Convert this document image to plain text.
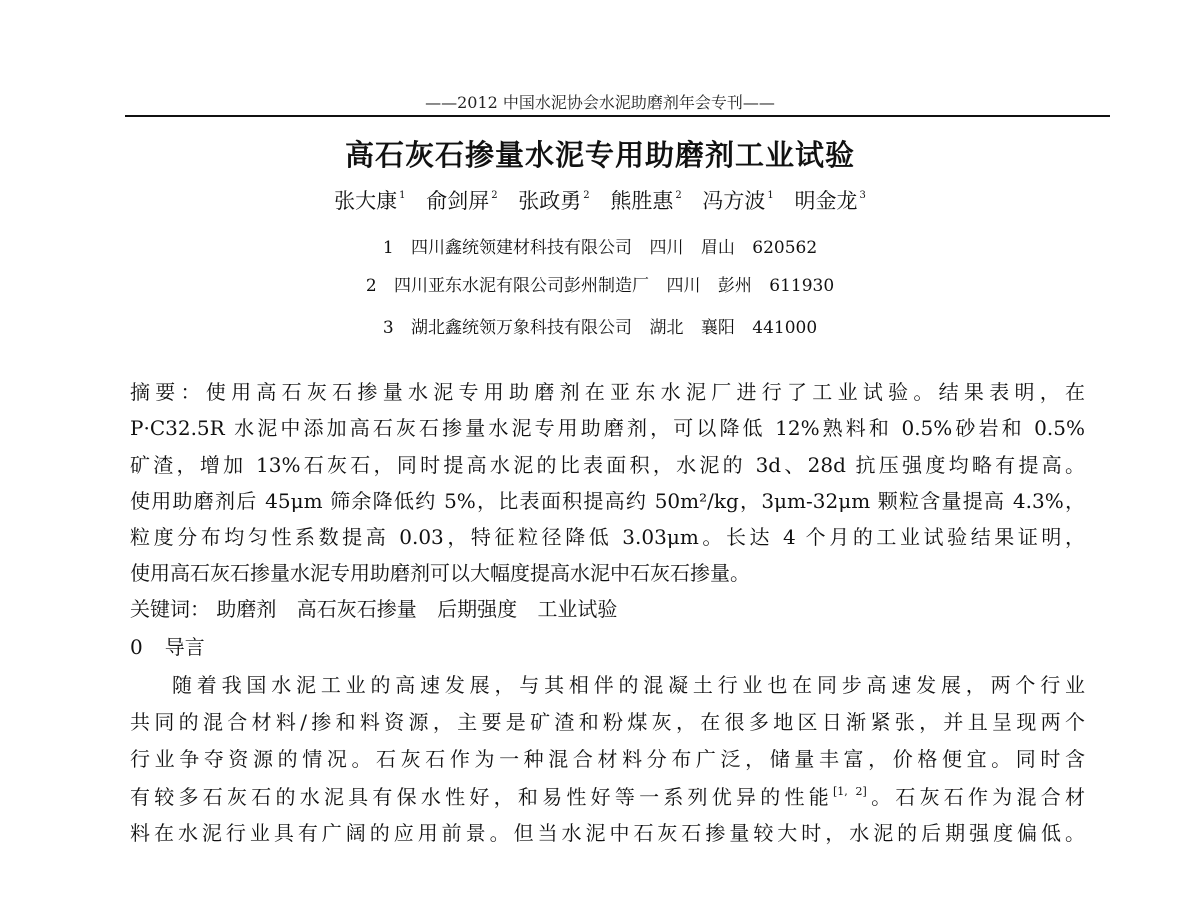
——2012 中国水泥协会水泥助磨剂年会专刊——
高石灰石掺量水泥专用助磨剂工业试验
张大康 $^1$ 俞剑屏 $^2$ 张政勇 $^2$ 熊胜惠 $^2$ 冯方波 $^1$ 明金龙 $^3$
1 四川鑫统领建材科技有限公司 四川 眉山 620562
2 四川亚东水泥有限公司彭州制造厂 四川 彭州 611930
3 湖北鑫统领万象科技有限公司 湖北 襄阳 441000
摘要：使用高石灰石掺量水泥专用助磨剂在亚东水泥厂进行了工业试验。结果表明，在
P·C32.5R 水泥中添加高石灰石掺量水泥专用助磨剂，可以降低 12%熟料和 0.5%砂岩和 0.5%
矿渣，增加 13%石灰石，同时提高水泥的比表面积，水泥的 3d、28d 抗压强度均略有提高。
使用助磨剂后 45μm 筛余降低约 5%，比表面积提高约 50m²/kg，3μm-32μm 颗粒含量提高 4.3%，
粒度分布均匀性系数提高 0.03，特征粒径降低 3.03μm。长达 4 个月的工业试验结果证明，
使用高石灰石掺量水泥专用助磨剂可以大幅度提高水泥中石灰石掺量。
关键词： 助磨剂 高石灰石掺量 后期强度 工业试验
0 导言
随着我国水泥工业的高速发展，与其相伴的混凝土行业也在同步高速发展，两个行业
共同的混合材料/掺和料资源，主要是矿渣和粉煤灰，在很多地区日渐紧张，并且呈现两个
行业争夺资源的情况。石灰石作为一种混合材料分布广泛，储量丰富，价格便宜。同时含
有较多石灰石的水泥具有保水性好，和易性好等一系列优异的性能[1, 2]。石灰石作为混合材
料在水泥行业具有广阔的应用前景。但当水泥中石灰石掺量较大时，水泥的后期强度偏低。
